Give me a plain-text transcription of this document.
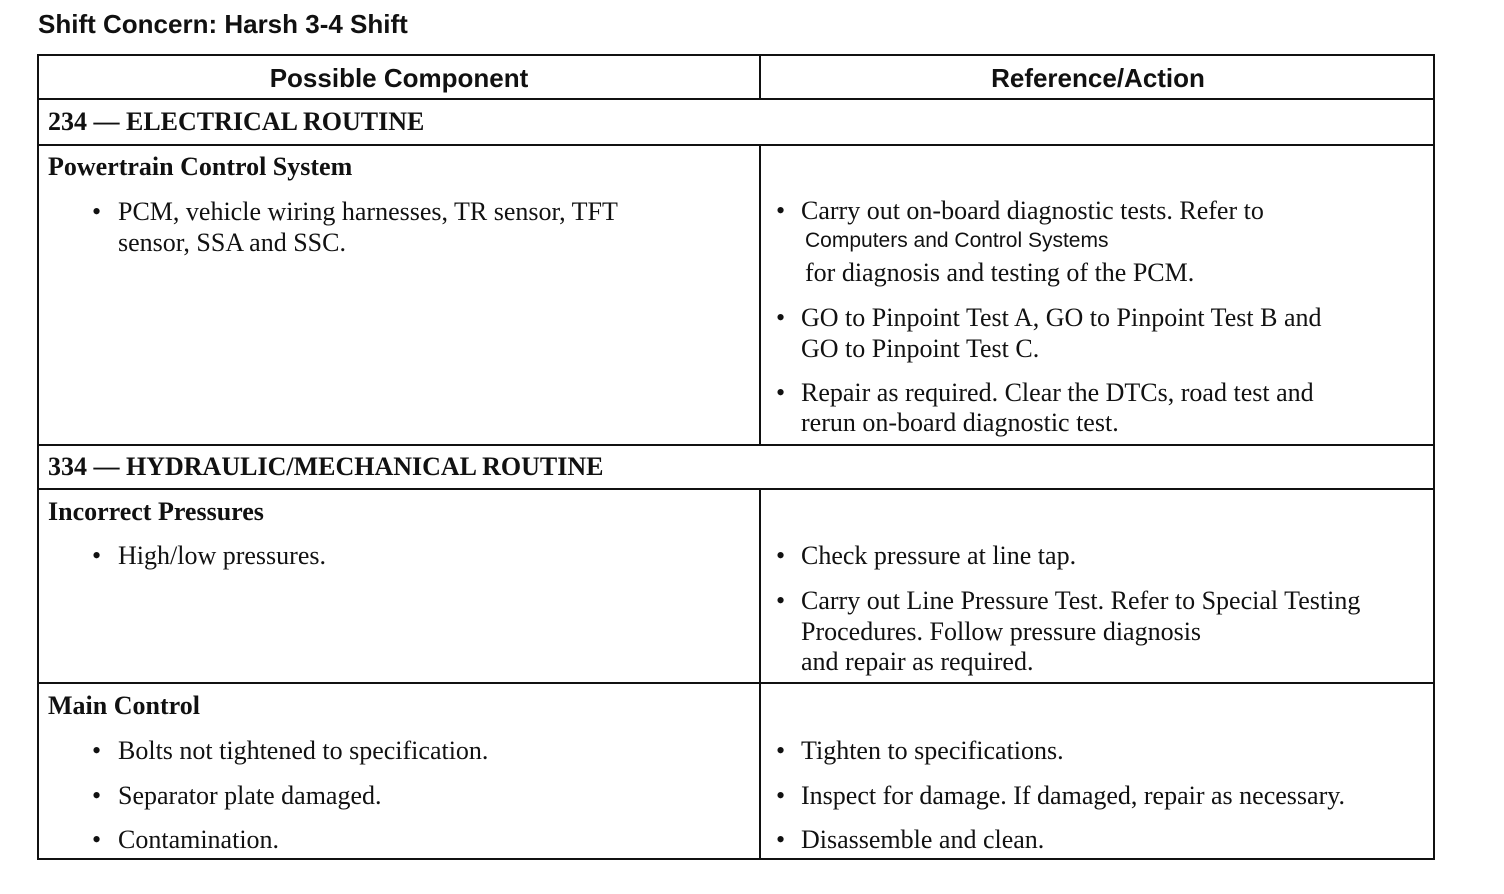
Shift Concern: Harsh 3-4 Shift
Possible Component	Reference/Action
234 — ELECTRICAL ROUTINE
Powertrain Control System
• PCM, vehicle wiring harnesses, TR sensor, TFT
sensor, SSA and SSC.
• Carry out on-board diagnostic tests. Refer to
Computers and Control Systems
for diagnosis and testing of the PCM.
• GO to Pinpoint Test A, GO to Pinpoint Test B and
GO to Pinpoint Test C.
• Repair as required. Clear the DTCs, road test and
rerun on-board diagnostic test.
334 — HYDRAULIC/MECHANICAL ROUTINE
Incorrect Pressures
• High/low pressures.	• Check pressure at line tap.
• Carry out Line Pressure Test. Refer to Special Testing
Procedures. Follow pressure diagnosis
and repair as required.
Main Control
• Bolts not tightened to specification.
• Separator plate damaged.
• Contamination.
• Tighten to specifications.
• Inspect for damage. If damaged, repair as necessary.
• Disassemble and clean.
